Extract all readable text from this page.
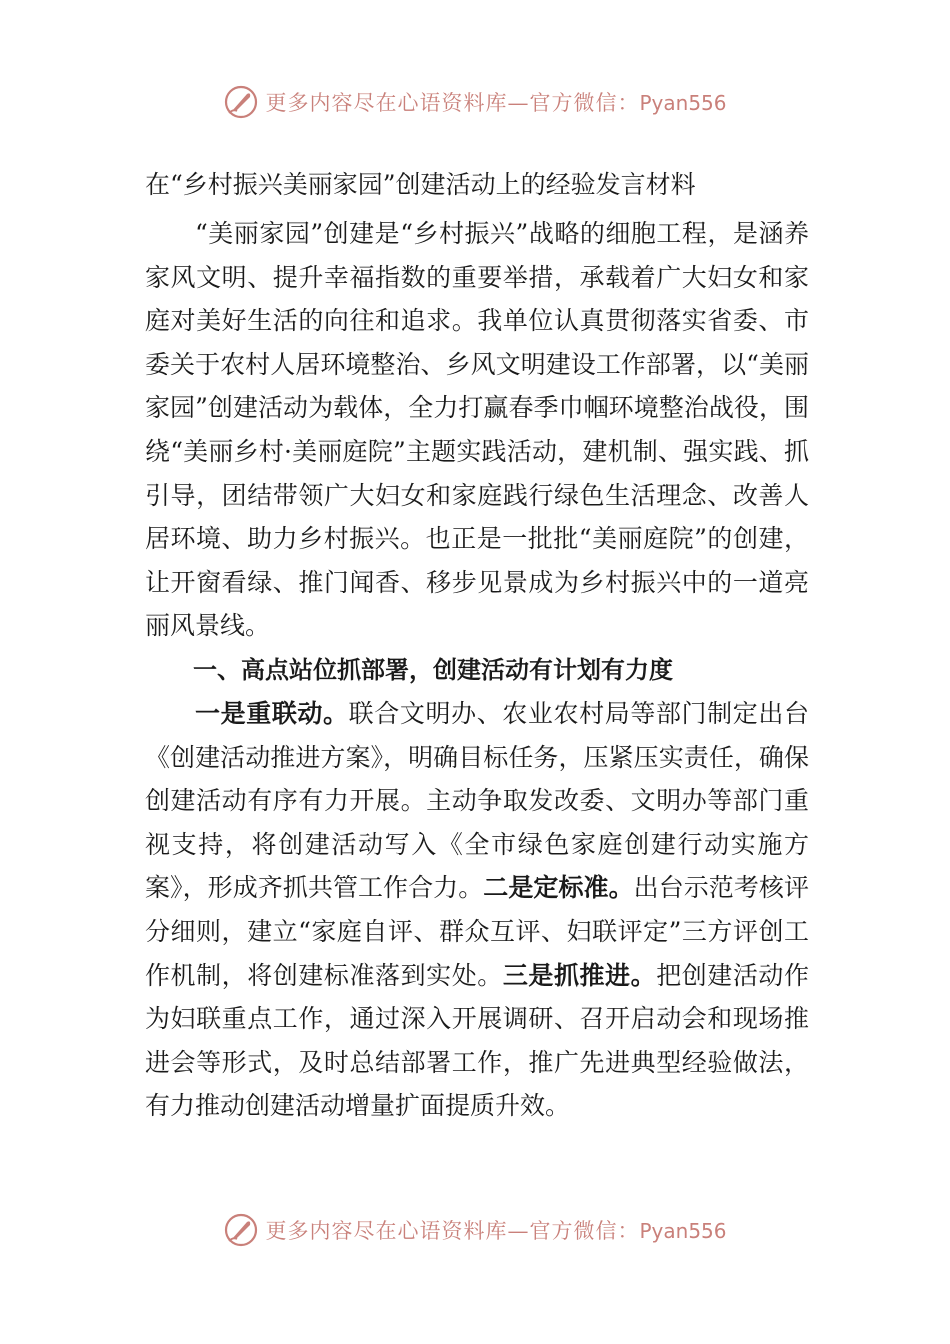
更多内容尽在心语资料库—官方微信：Pyan556
在“乡村振兴美丽家园”创建活动上的经验发言材料

“美丽家园”创建是“乡村振兴”战略的细胞工程，是涵养家风文明、提升幸福指数的重要举措，承载着广大妇女和家庭对美好生活的向往和追求。我单位认真贯彻落实省委、市委关于农村人居环境整治、乡风文明建设工作部署，以“美丽家园”创建活动为载体，全力打赢春季巾帼环境整治战役，围绕“美丽乡村·美丽庭院”主题实践活动，建机制、强实践、抓引导，团结带领广大妇女和家庭践行绿色生活理念、改善人居环境、助力乡村振兴。也正是一批批“美丽庭院”的创建，让开窗看绿、推门闻香、移步见景成为乡村振兴中的一道亮丽风景线。

一、高点站位抓部署，创建活动有计划有力度

一是重联动。联合文明办、农业农村局等部门制定出台《创建活动推进方案》，明确目标任务，压紧压实责任，确保创建活动有序有力开展。主动争取发改委、文明办等部门重视支持，将创建活动写入《全市绿色家庭创建行动实施方案》，形成齐抓共管工作合力。二是定标准。出台示范考核评分细则，建立“家庭自评、群众互评、妇联评定”三方评创工作机制，将创建标准落到实处。三是抓推进。把创建活动作为妇联重点工作，通过深入开展调研、召开启动会和现场推进会等形式，及时总结部署工作，推广先进典型经验做法，有力推动创建活动增量扩面提质升效。

更多内容尽在心语资料库—官方微信：Pyan556
